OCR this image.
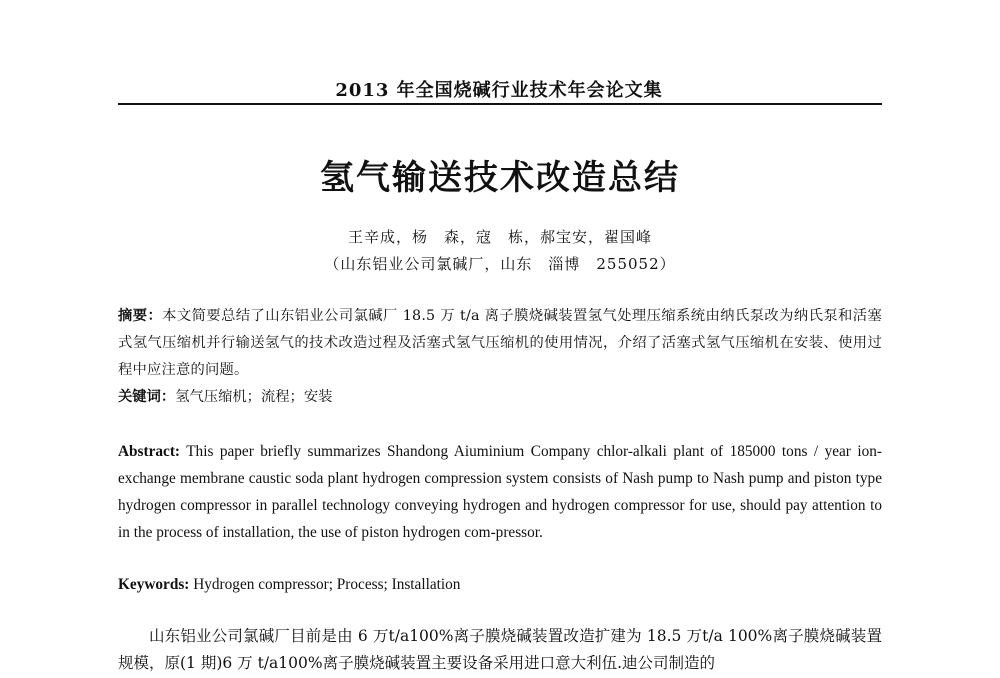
2013 年全国烧碱行业技术年会论文集
氢气输送技术改造总结
王辛成，杨　森，寇　栋，郝宝安，翟国峰
（山东铝业公司氯碱厂，山东　淄博　255052）
摘要：本文简要总结了山东铝业公司氯碱厂 18.5 万 t/a 离子膜烧碱装置氢气处理压缩系统由纳氏泵改为纳氏泵和活塞式氢气压缩机并行输送氢气的技术改造过程及活塞式氢气压缩机的使用情况，介绍了活塞式氢气压缩机在安装、使用过程中应注意的问题。
关键词：氢气压缩机；流程；安装
Abstract: This paper briefly summarizes Shandong Aiuminium Company chlor-alkali plant of 185000 tons / year ion-exchange membrane caustic soda plant hydrogen compression system consists of Nash pump to Nash pump and piston type hydrogen compressor in parallel technology conveying hydrogen and hydrogen compressor for use, should pay attention to in the process of installation, the use of piston hydrogen com-pressor.
Keywords: Hydrogen compressor; Process; Installation
山东铝业公司氯碱厂目前是由 6 万t/a100%离子膜烧碱装置改造扩建为 18.5 万t/a 100%离子膜烧碱装置规模，原(1 期)6 万 t/a100%离子膜烧碱装置主要设备采用进口意大利伍.迪公司制造的
